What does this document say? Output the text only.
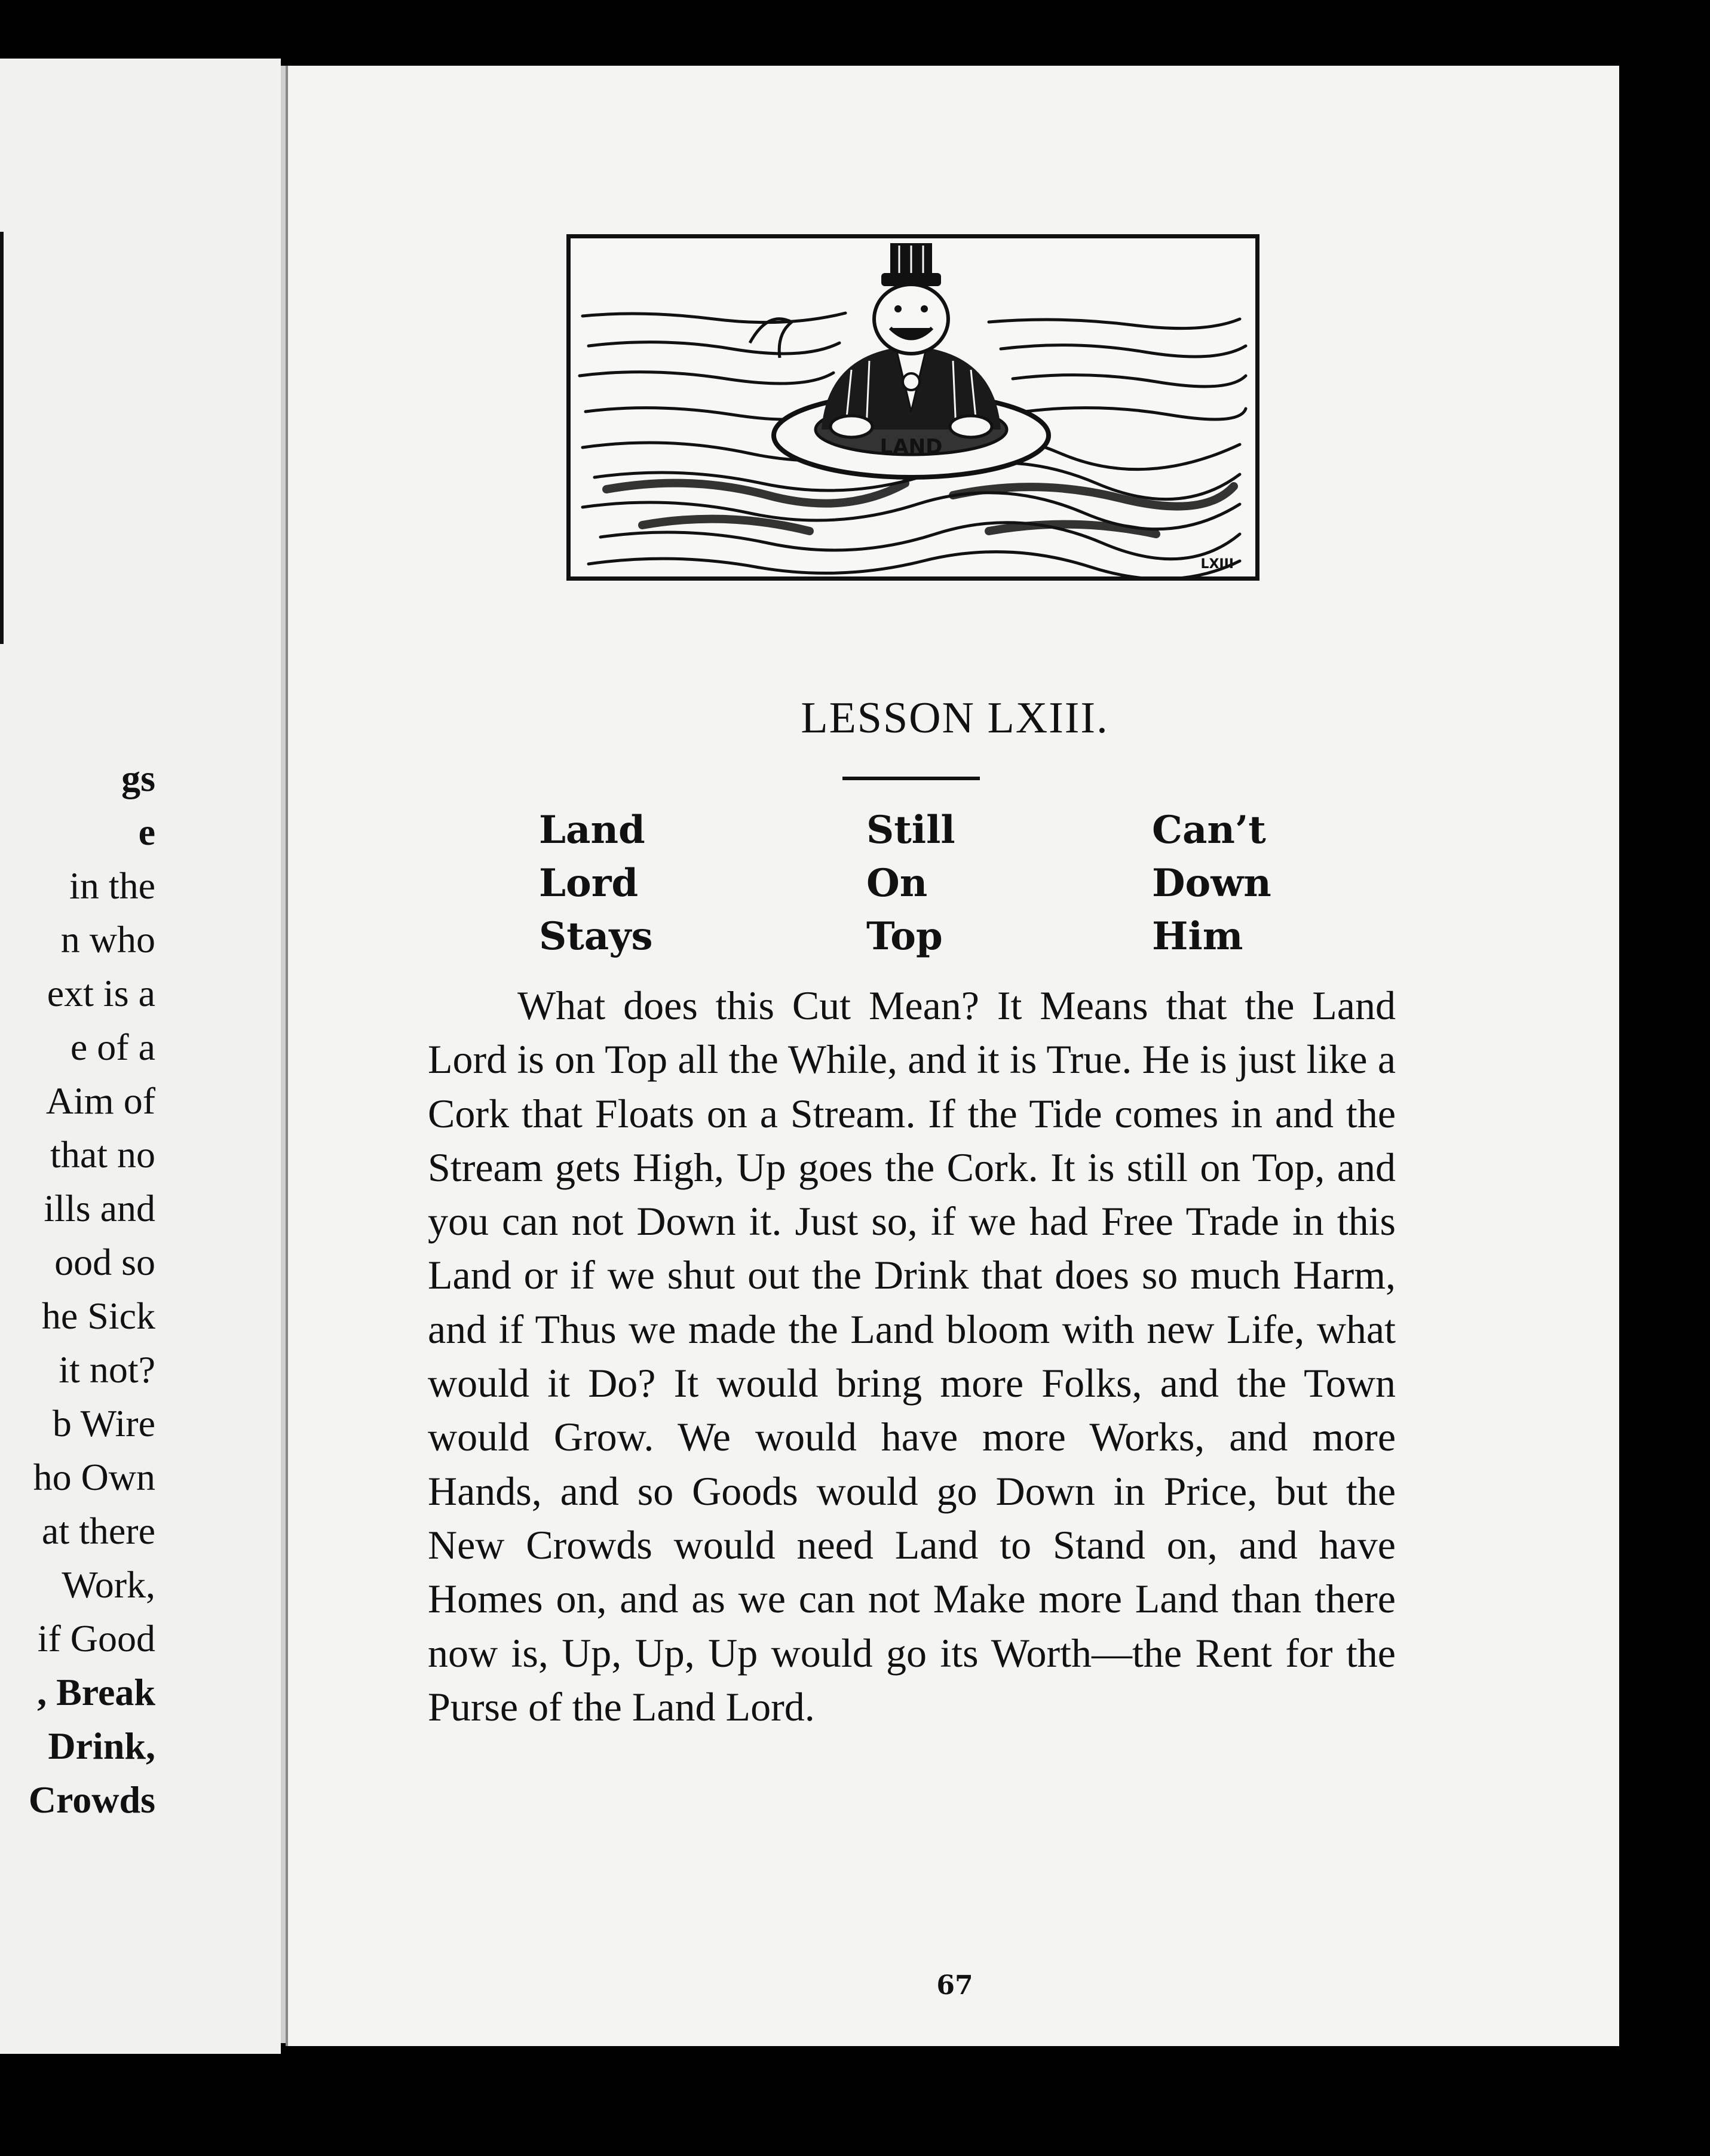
gs
e
in the
n who
ext is a
e of a
Aim of
that no
ills and
ood so
he Sick
it not?
b Wire
ho Own
at there
Work,
if Good
, Break
Drink,
Crowds
LAND
LXIII
LESSON LXIII.
Land
Lord
Stays
Still
On
Top
Can’t
Down
Him

What does this Cut Mean? It Means that the Land Lord is on Top all the While, and it is True. He is just like a Cork that Floats on a Stream. If the Tide comes in and the Stream gets High, Up goes the Cork. It is still on Top, and you can not Down it. Just so, if we had Free Trade in this Land or if we shut out the Drink that does so much Harm, and if Thus we made the Land bloom with new Life, what would it Do? It would bring more Folks, and the Town would Grow. We would have more Works, and more Hands, and so Goods would go Down in Price, but the New Crowds would need Land to Stand on, and have Homes on, and as we can not Make more Land than there now is, Up, Up, Up would go its Worth—the Rent for the Purse of the Land Lord.

67
